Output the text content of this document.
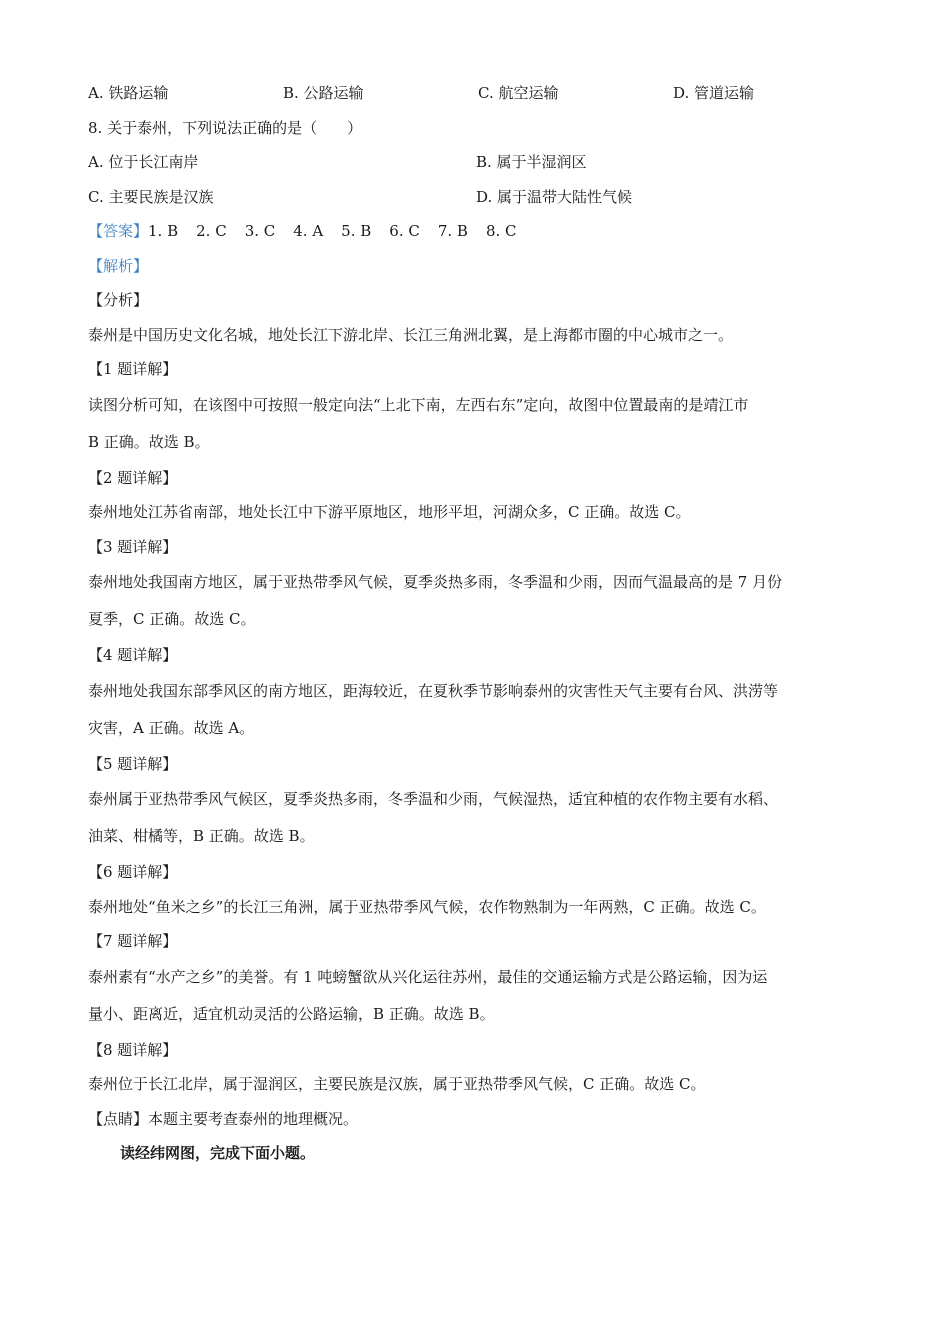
A. 铁路运输	B. 公路运输	C. 航空运输	D. 管道运输
8. 关于泰州，下列说法正确的是（　　）
A. 位于长江南岸	B. 属于半湿润区
C. 主要民族是汉族	D. 属于温带大陆性气候
【答案】1. B 2. C 3. C 4. A 5. B 6. C 7. B 8. C
【解析】
【分析】
泰州是中国历史文化名城，地处长江下游北岸、长江三角洲北翼，是上海都市圈的中心城市之一。
【1 题详解】
读图分析可知，在该图中可按照一般定向法“上北下南，左西右东”定向，故图中位置最南的是靖江市
B 正确。故选 B。
【2 题详解】
泰州地处江苏省南部，地处长江中下游平原地区，地形平坦，河湖众多，C 正确。故选 C。
【3 题详解】
泰州地处我国南方地区，属于亚热带季风气候，夏季炎热多雨，冬季温和少雨，因而气温最高的是 7 月份
夏季，C 正确。故选 C。
【4 题详解】
泰州地处我国东部季风区的南方地区，距海较近，在夏秋季节影响泰州的灾害性天气主要有台风、洪涝等
灾害，A 正确。故选 A。
【5 题详解】
泰州属于亚热带季风气候区，夏季炎热多雨，冬季温和少雨，气候湿热，适宜种植的农作物主要有水稻、
油菜、柑橘等，B 正确。故选 B。
【6 题详解】
泰州地处“鱼米之乡”的长江三角洲，属于亚热带季风气候，农作物熟制为一年两熟，C 正确。故选 C。
【7 题详解】
泰州素有“水产之乡”的美誉。有 1 吨螃蟹欲从兴化运往苏州，最佳的交通运输方式是公路运输，因为运
量小、距离近，适宜机动灵活的公路运输，B 正确。故选 B。
【8 题详解】
泰州位于长江北岸，属于湿润区，主要民族是汉族，属于亚热带季风气候，C 正确。故选 C。
【点睛】本题主要考查泰州的地理概况。
读经纬网图，完成下面小题。
